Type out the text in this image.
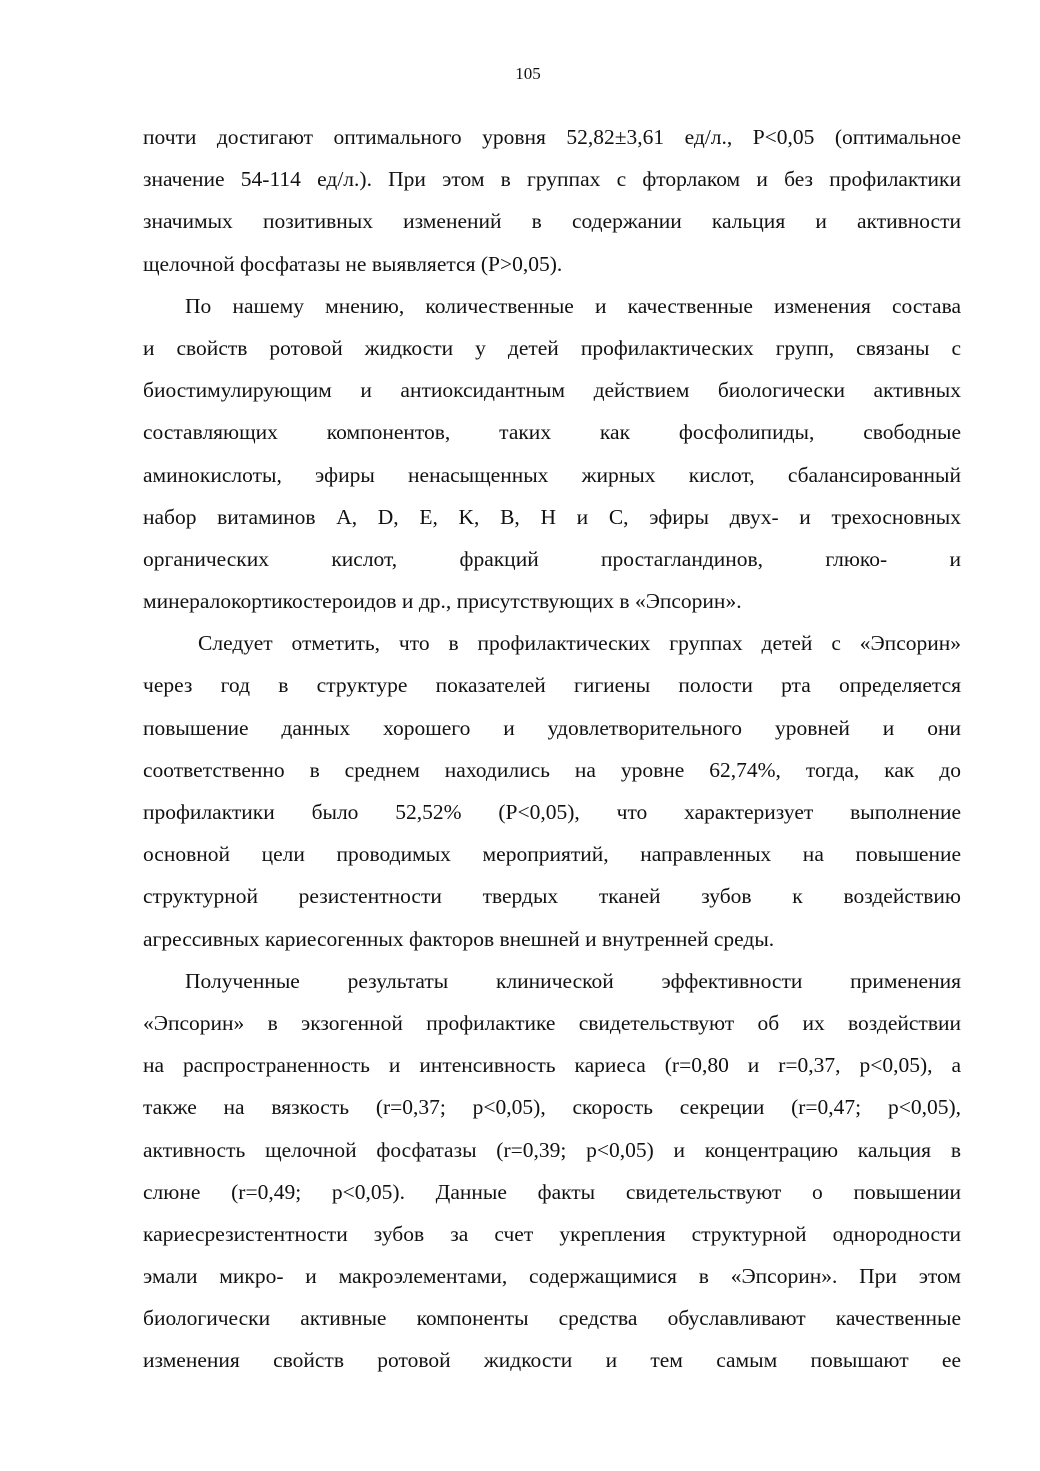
105
почти достигают оптимального уровня 52,82±3,61 ед/л., P<0,05 (оптимальное
значение 54-114 ед/л.). При этом в группах с фторлаком и без профилактики
значимых позитивных изменений в содержании кальция и активности
щелочной фосфатазы не выявляется (P>0,05).
По нашему мнению, количественные и качественные изменения состава
и свойств ротовой жидкости у детей профилактических групп, связаны с
биостимулирующим и антиоксидантным действием биологически активных
составляющих компонентов, таких как фосфолипиды, свободные
аминокислоты, эфиры ненасыщенных жирных кислот, сбалансированный
набор витаминов A, D, E, K, B, H и C, эфиры двух- и трехосновных
органических кислот, фракций простагландинов, глюко- и
минералокортикостероидов и др., присутствующих в «Эпсорин».
Следует отметить, что в профилактических группах детей с «Эпсорин»
через год в структуре показателей гигиены полости рта определяется
повышение данных хорошего и удовлетворительного уровней и они
соответственно в среднем находились на уровне 62,74%, тогда, как до
профилактики было 52,52% (P<0,05), что характеризует выполнение
основной цели проводимых мероприятий, направленных на повышение
структурной резистентности твердых тканей зубов к воздействию
агрессивных кариесогенных факторов внешней и внутренней среды.
Полученные результаты клинической эффективности применения
«Эпсорин» в экзогенной профилактике свидетельствуют об их воздействии
на распространенность и интенсивность кариеса (r=0,80 и r=0,37, p<0,05), а
также на вязкость (r=0,37; p<0,05), скорость секреции (r=0,47; p<0,05),
активность щелочной фосфатазы (r=0,39; p<0,05) и концентрацию кальция в
слюне (r=0,49; p<0,05). Данные факты свидетельствуют о повышении
кариесрезистентности зубов за счет укрепления структурной однородности
эмали микро- и макроэлементами, содержащимися в «Эпсорин». При этом
биологически активные компоненты средства обуславливают качественные
изменения свойств ротовой жидкости и тем самым повышают ее
